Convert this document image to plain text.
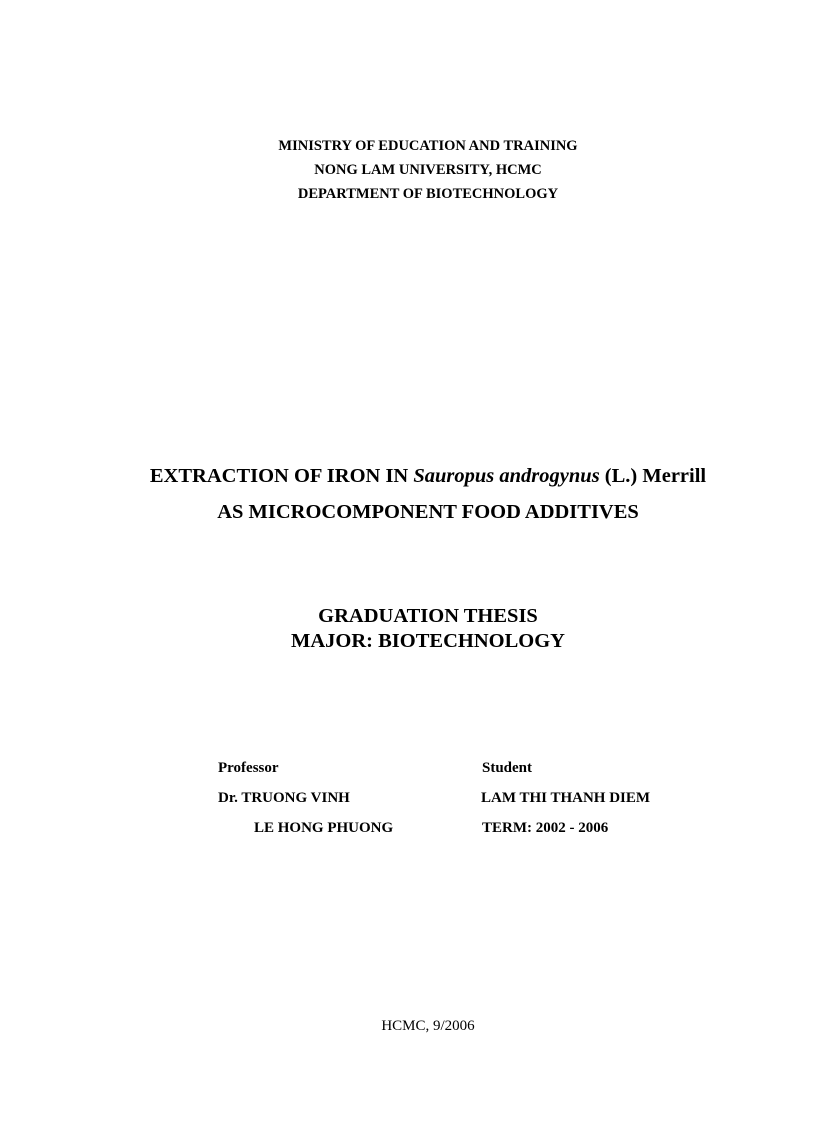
MINISTRY OF EDUCATION AND TRAINING
NONG LAM UNIVERSITY, HCMC
DEPARTMENT OF BIOTECHNOLOGY
EXTRACTION OF IRON IN Sauropus androgynus (L.) Merrill
AS MICROCOMPONENT FOOD ADDITIVES
GRADUATION THESIS
MAJOR: BIOTECHNOLOGY
Professor
Dr. TRUONG VINH
LE HONG PHUONG
Student
LAM THI THANH DIEM
TERM: 2002 - 2006
HCMC, 9/2006
